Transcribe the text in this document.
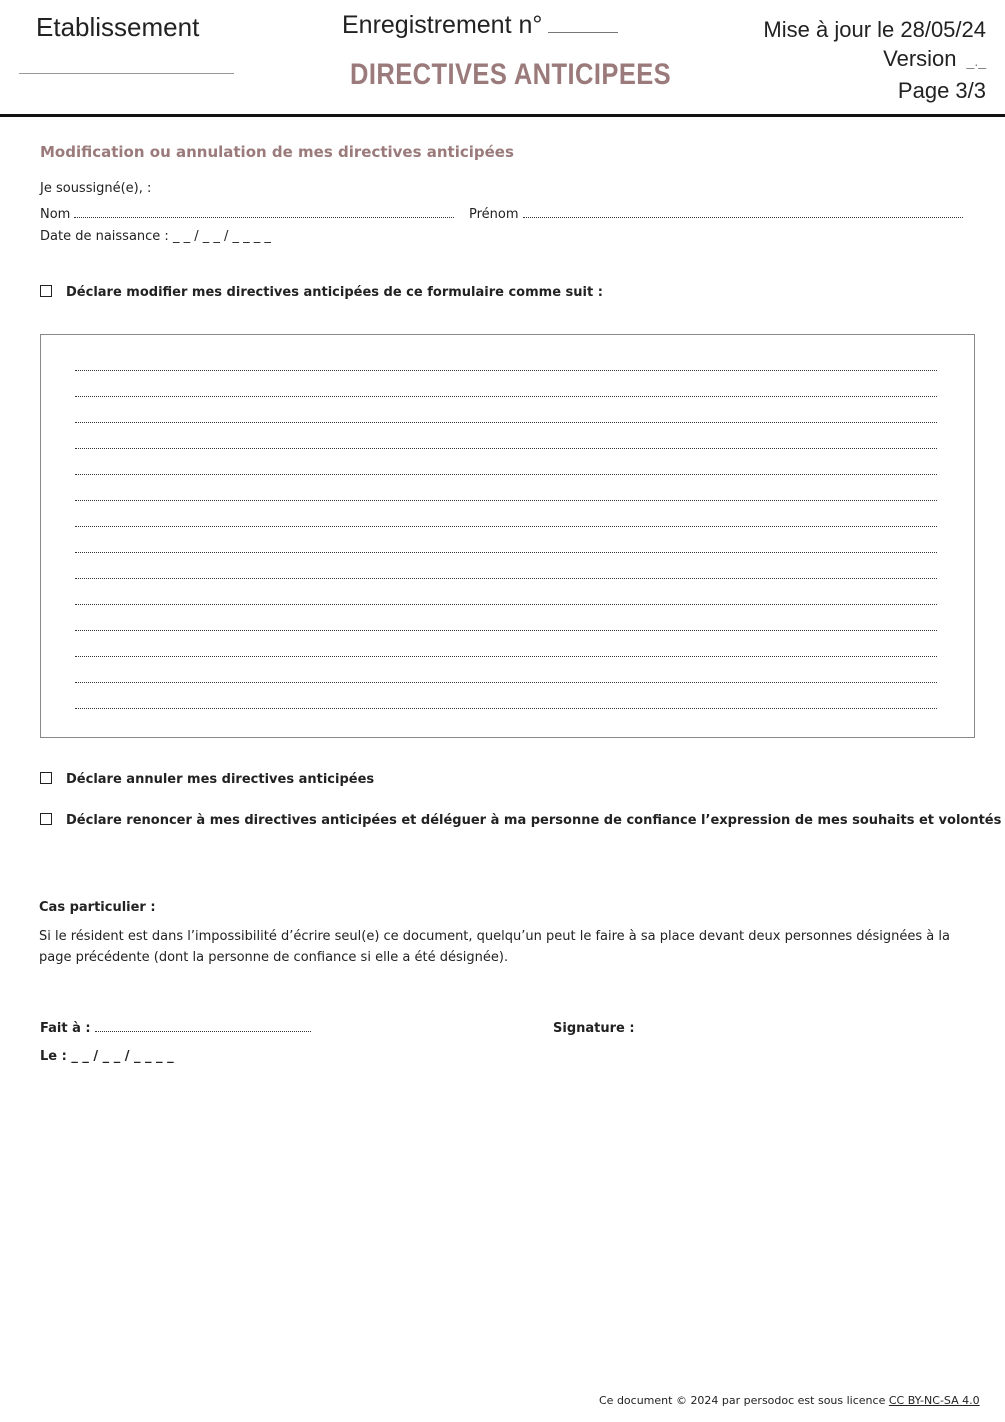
Etablissement	Enregistrement n°
DIRECTIVES ANTICIPEES
Mise à jour le 28/05/24
Version _._
Page 3/3
Modification ou annulation de mes directives anticipées
Je soussigné(e), :
Nom	Prénom
Date de naissance : _ _ / _ _ / _ _ _ _
Déclare modifier mes directives anticipées de ce formulaire comme suit :
Déclare annuler mes directives anticipées
Déclare renoncer à mes directives anticipées et déléguer à ma personne de confiance l’expression de mes souhaits et volontés
Cas particulier :
Si le résident est dans l’impossibilité d’écrire seul(e) ce document, quelqu’un peut le faire à sa place devant deux personnes désignées à la page précédente (dont la personne de confiance si elle a été désignée).
Fait à :
Le : _ _ / _ _ / _ _ _ _
Signature :
Ce document © 2024 par persodoc est sous licence CC BY-NC-SA 4.0
